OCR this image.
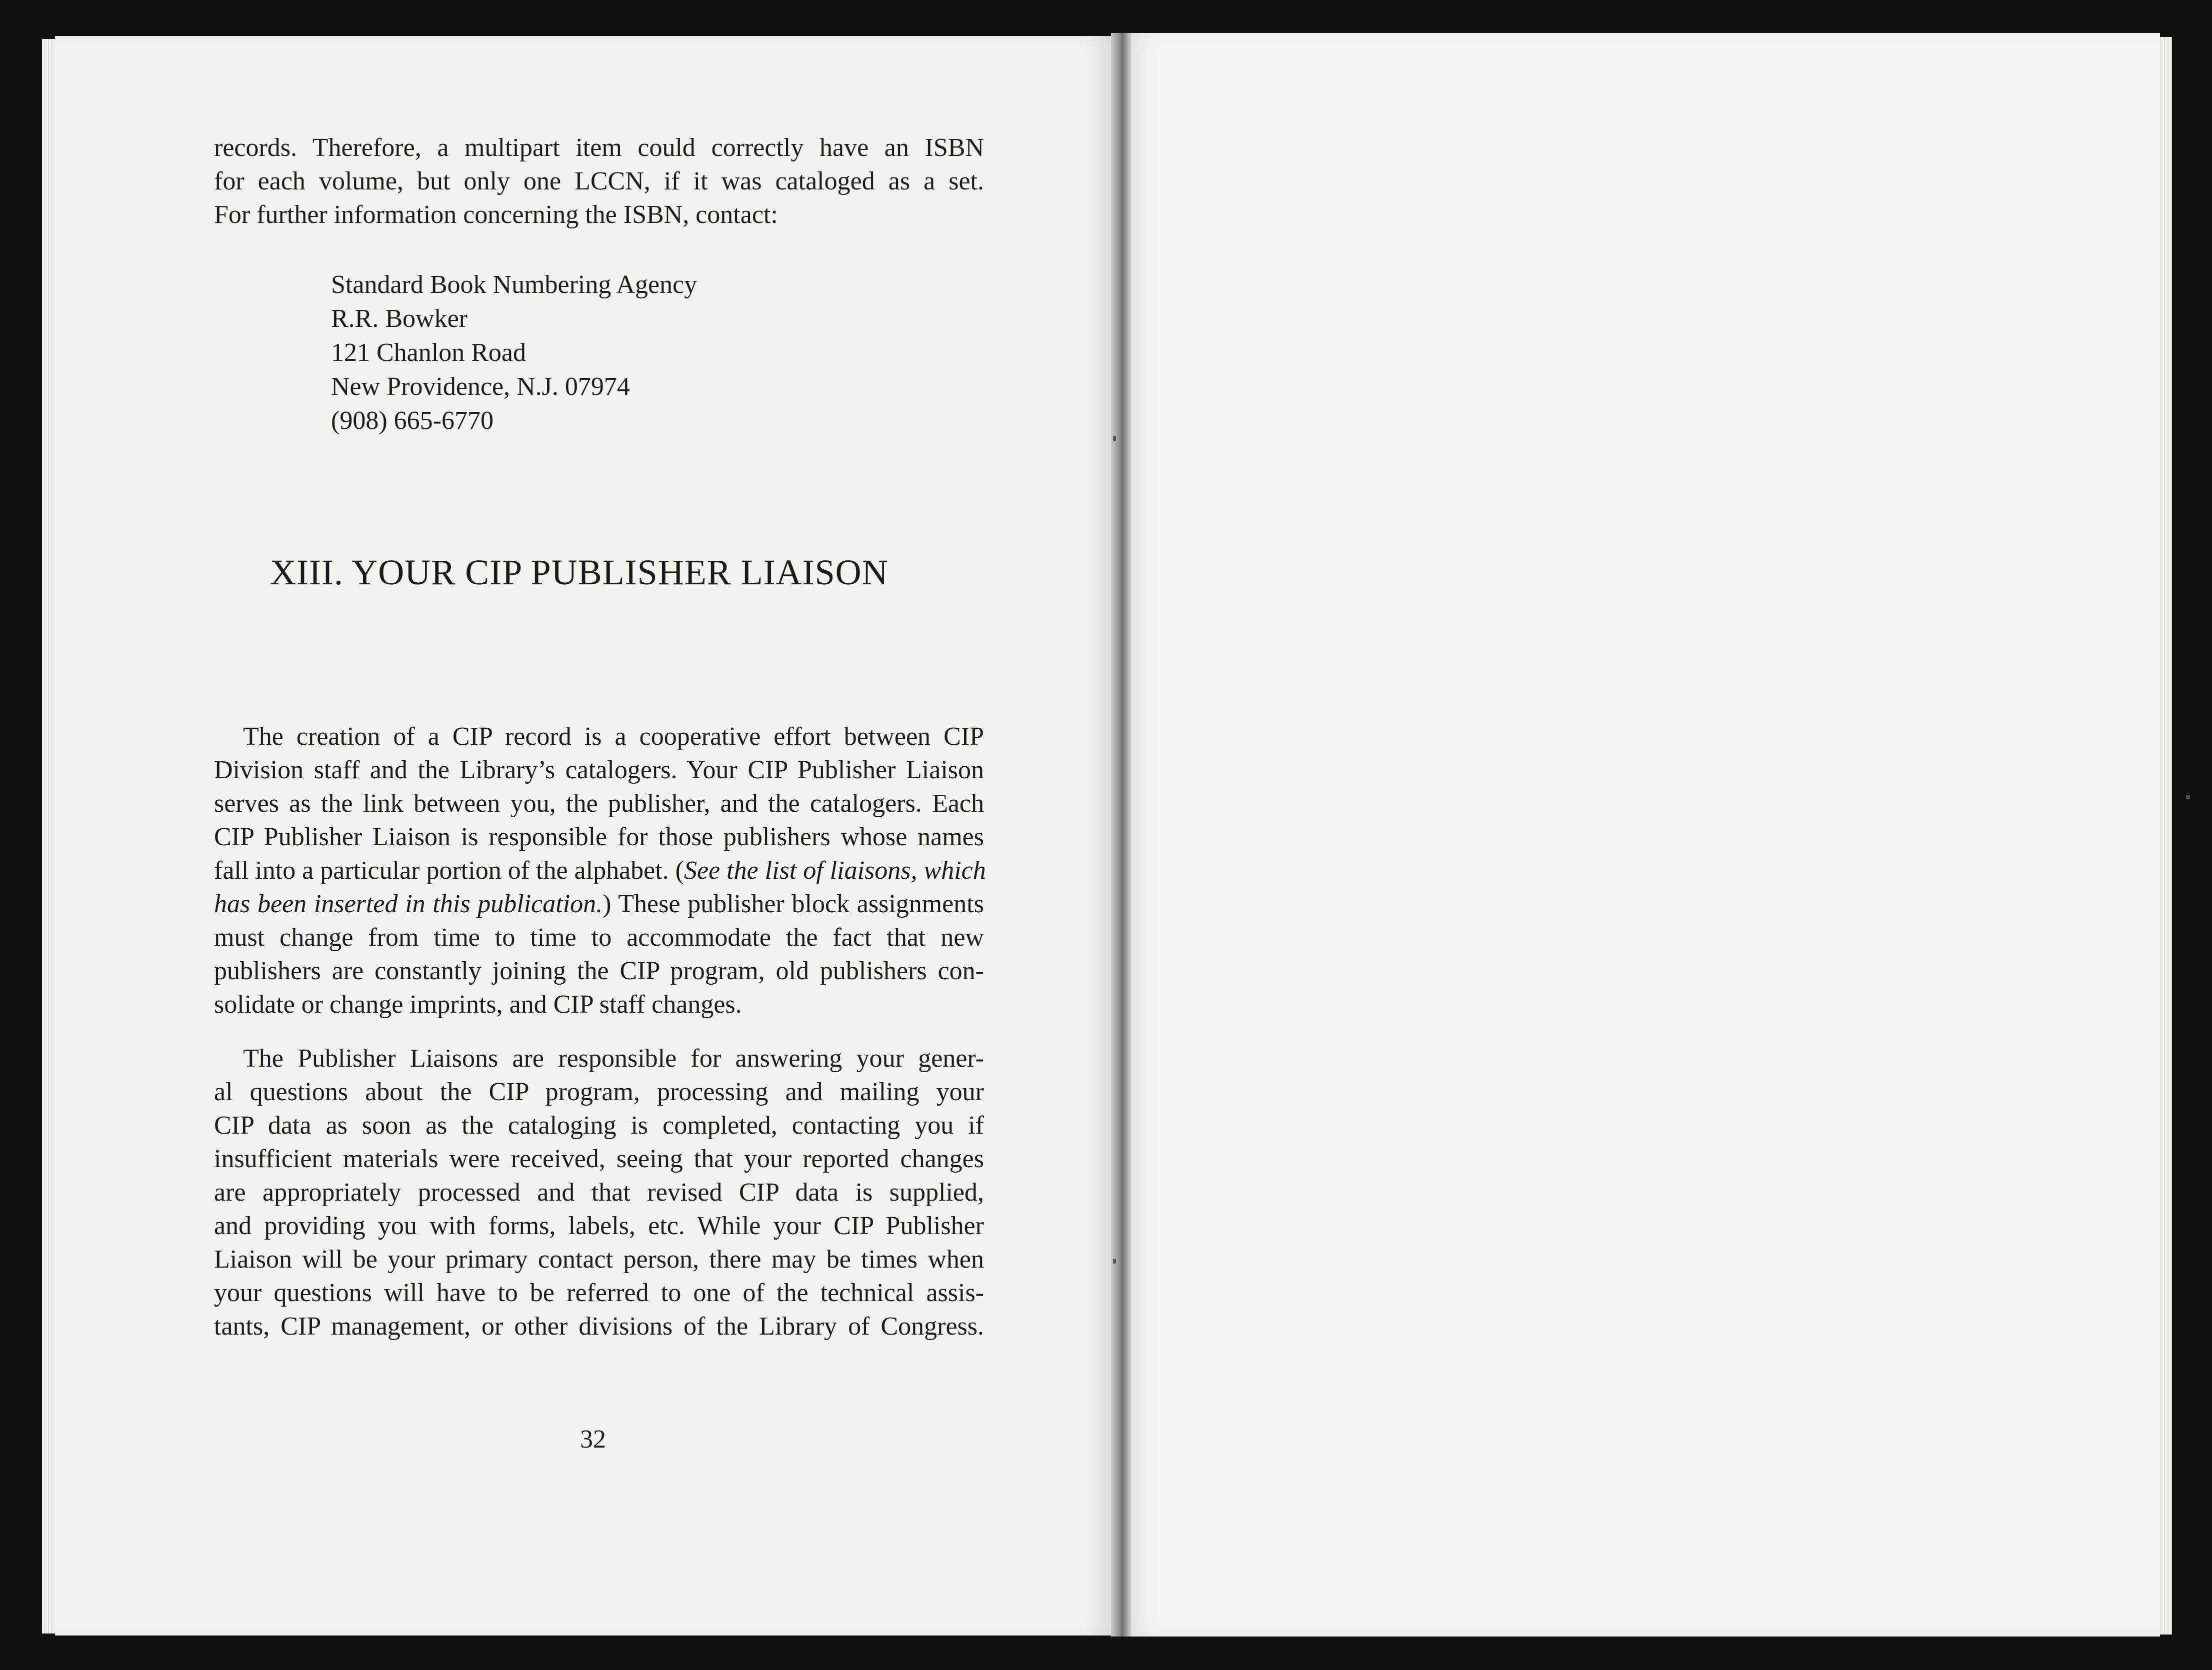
records. Therefore, a multipart item could correctly have an ISBN
for each volume, but only one LCCN, if it was cataloged as a set.
For further information concerning the ISBN, contact:
Standard Book Numbering Agency
R.R. Bowker
121 Chanlon Road
New Providence, N.J. 07974
(908) 665-6770
XIII. YOUR CIP PUBLISHER LIAISON
The creation of a CIP record is a cooperative effort between CIP
Division staff and the Library’s catalogers. Your CIP Publisher Liaison
serves as the link between you, the publisher, and the catalogers. Each
CIP Publisher Liaison is responsible for those publishers whose names
fall into a particular portion of the alphabet. (See the list of liaisons, which
has been inserted in this publication.) These publisher block assignments
must change from time to time to accommodate the fact that new
publishers are constantly joining the CIP program, old publishers con-
solidate or change imprints, and CIP staff changes.
The Publisher Liaisons are responsible for answering your gener-
al questions about the CIP program, processing and mailing your
CIP data as soon as the cataloging is completed, contacting you if
insufficient materials were received, seeing that your reported changes
are appropriately processed and that revised CIP data is supplied,
and providing you with forms, labels, etc. While your CIP Publisher
Liaison will be your primary contact person, there may be times when
your questions will have to be referred to one of the technical assis-
tants, CIP management, or other divisions of the Library of Congress.
32
